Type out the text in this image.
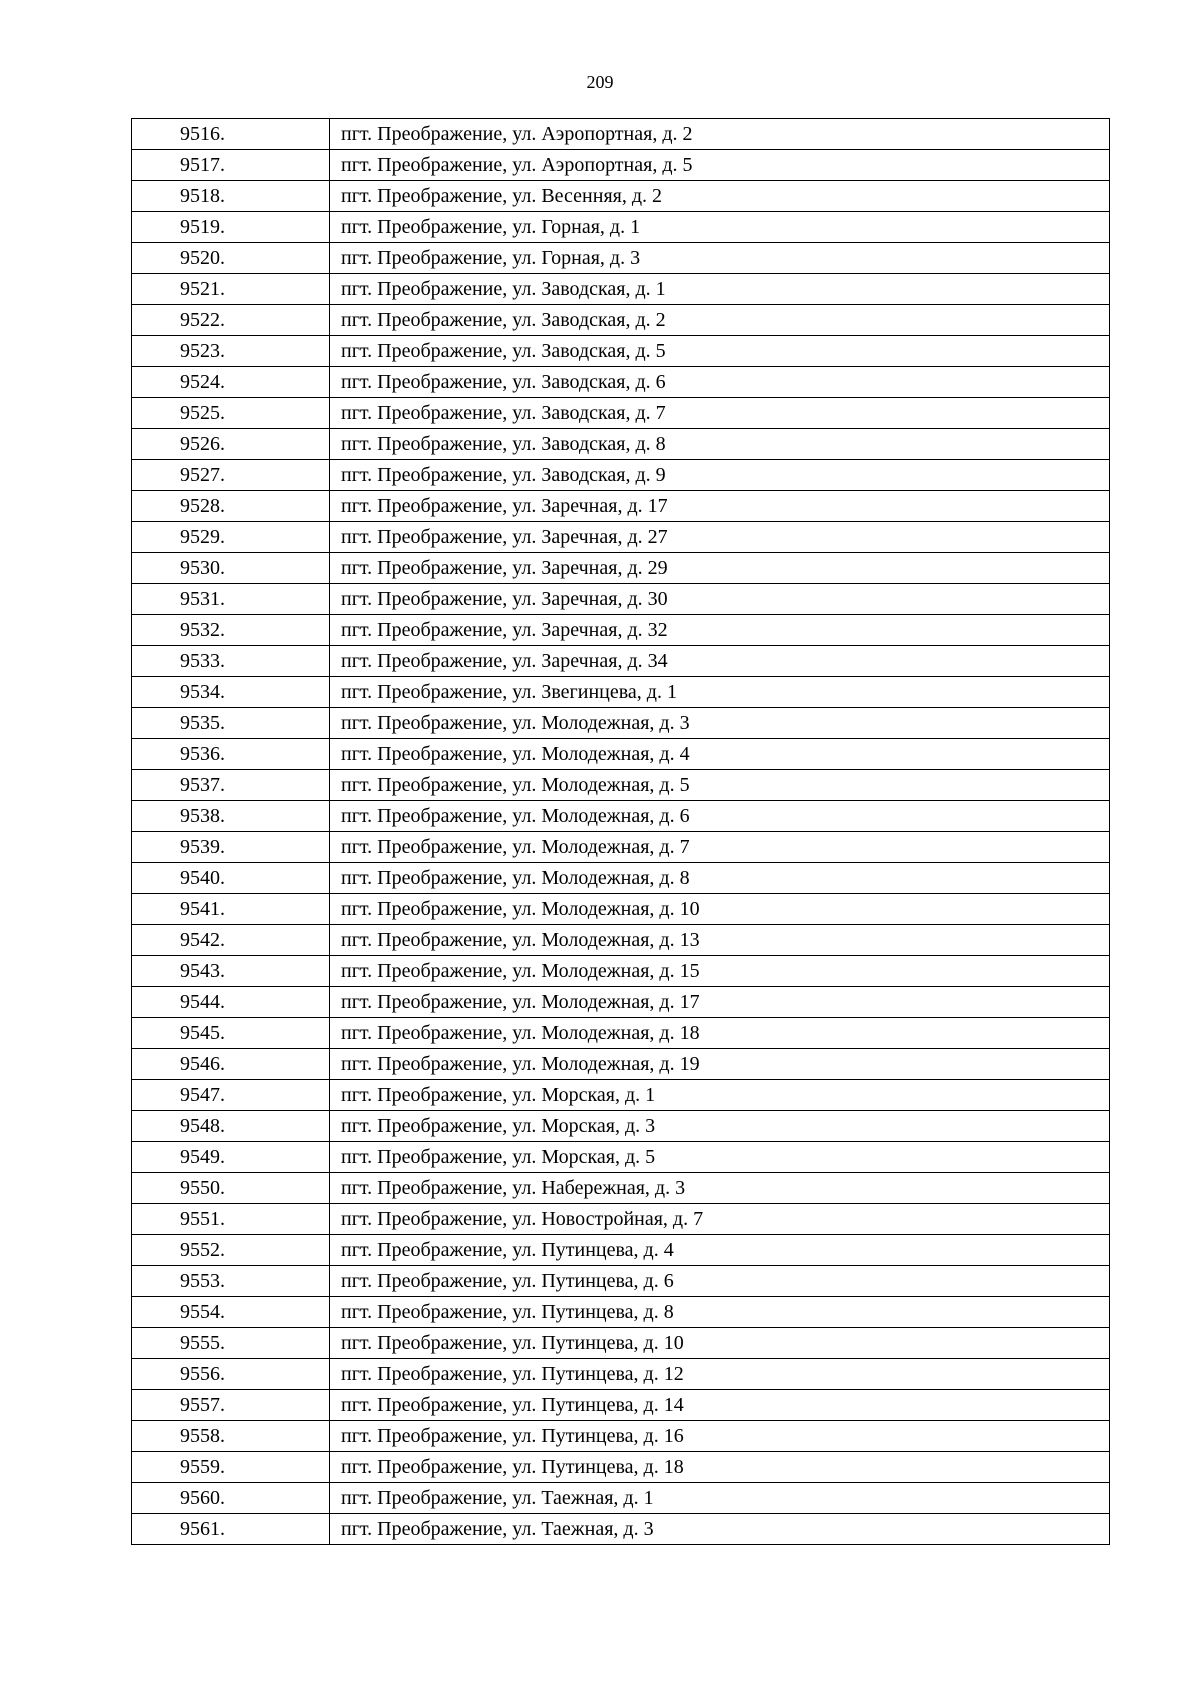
209
9516.	пгт. Преображение, ул. Аэропортная, д. 2
9517.	пгт. Преображение, ул. Аэропортная, д. 5
9518.	пгт. Преображение, ул. Весенняя, д. 2
9519.	пгт. Преображение, ул. Горная, д. 1
9520.	пгт. Преображение, ул. Горная, д. 3
9521.	пгт. Преображение, ул. Заводская, д. 1
9522.	пгт. Преображение, ул. Заводская, д. 2
9523.	пгт. Преображение, ул. Заводская, д. 5
9524.	пгт. Преображение, ул. Заводская, д. 6
9525.	пгт. Преображение, ул. Заводская, д. 7
9526.	пгт. Преображение, ул. Заводская, д. 8
9527.	пгт. Преображение, ул. Заводская, д. 9
9528.	пгт. Преображение, ул. Заречная, д. 17
9529.	пгт. Преображение, ул. Заречная, д. 27
9530.	пгт. Преображение, ул. Заречная, д. 29
9531.	пгт. Преображение, ул. Заречная, д. 30
9532.	пгт. Преображение, ул. Заречная, д. 32
9533.	пгт. Преображение, ул. Заречная, д. 34
9534.	пгт. Преображение, ул. Звегинцева, д. 1
9535.	пгт. Преображение, ул. Молодежная, д. 3
9536.	пгт. Преображение, ул. Молодежная, д. 4
9537.	пгт. Преображение, ул. Молодежная, д. 5
9538.	пгт. Преображение, ул. Молодежная, д. 6
9539.	пгт. Преображение, ул. Молодежная, д. 7
9540.	пгт. Преображение, ул. Молодежная, д. 8
9541.	пгт. Преображение, ул. Молодежная, д. 10
9542.	пгт. Преображение, ул. Молодежная, д. 13
9543.	пгт. Преображение, ул. Молодежная, д. 15
9544.	пгт. Преображение, ул. Молодежная, д. 17
9545.	пгт. Преображение, ул. Молодежная, д. 18
9546.	пгт. Преображение, ул. Молодежная, д. 19
9547.	пгт. Преображение, ул. Морская, д. 1
9548.	пгт. Преображение, ул. Морская, д. 3
9549.	пгт. Преображение, ул. Морская, д. 5
9550.	пгт. Преображение, ул. Набережная, д. 3
9551.	пгт. Преображение, ул. Новостройная, д. 7
9552.	пгт. Преображение, ул. Путинцева, д. 4
9553.	пгт. Преображение, ул. Путинцева, д. 6
9554.	пгт. Преображение, ул. Путинцева, д. 8
9555.	пгт. Преображение, ул. Путинцева, д. 10
9556.	пгт. Преображение, ул. Путинцева, д. 12
9557.	пгт. Преображение, ул. Путинцева, д. 14
9558.	пгт. Преображение, ул. Путинцева, д. 16
9559.	пгт. Преображение, ул. Путинцева, д. 18
9560.	пгт. Преображение, ул. Таежная, д. 1
9561.	пгт. Преображение, ул. Таежная, д. 3
